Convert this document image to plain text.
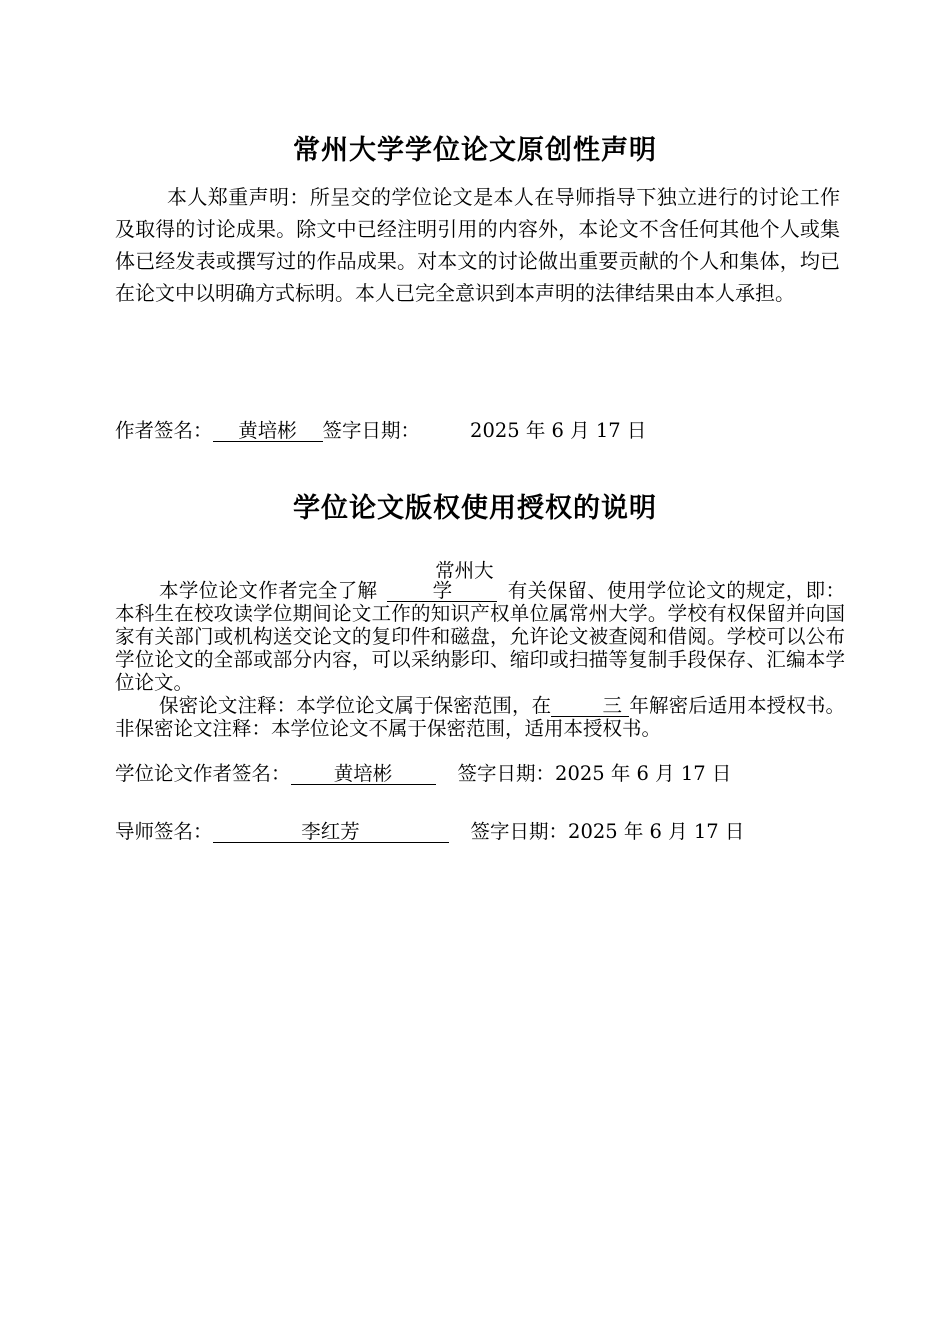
常州大学学位论文原创性声明

本人郑重声明：所呈交的学位论文是本人在导师指导下独立进行的讨论工作及取得的讨论成果。除文中已经注明引用的内容外，本论文不含任何其他个人或集体已经发表或撰写过的作品成果。对本文的讨论做出重要贡献的个人和集体，均已在论文中以明确方式标明。本人已完全意识到本声明的法律结果由本人承担。

作者签名： 黄培彬 签字日期：	2025 年 6 月 17 日
学位论文版权使用授权的说明

本学位论文作者完全了解常州大学	有关保留、使用学位论文的规定，即：本科生在校攻读学位期间论文工作的知识产权单位属常州大学。学校有权保留并向国家有关部门或机构送交论文的复印件和磁盘，允许论文被查阅和借阅。学校可以公布学位论文的全部或部分内容，可以采纳影印、缩印或扫描等复制手段保存、汇编本学位论文。

保密论文注释：本学位论文属于保密范围，在	三 年解密后适用本授权书。非保密论文注释：本学位论文不属于保密范围，适用本授权书。

学位论文作者签名： 黄培彬	签字日期：2025 年 6 月 17 日
导师签名：	李红芳	签字日期：2025 年 6 月 17 日
